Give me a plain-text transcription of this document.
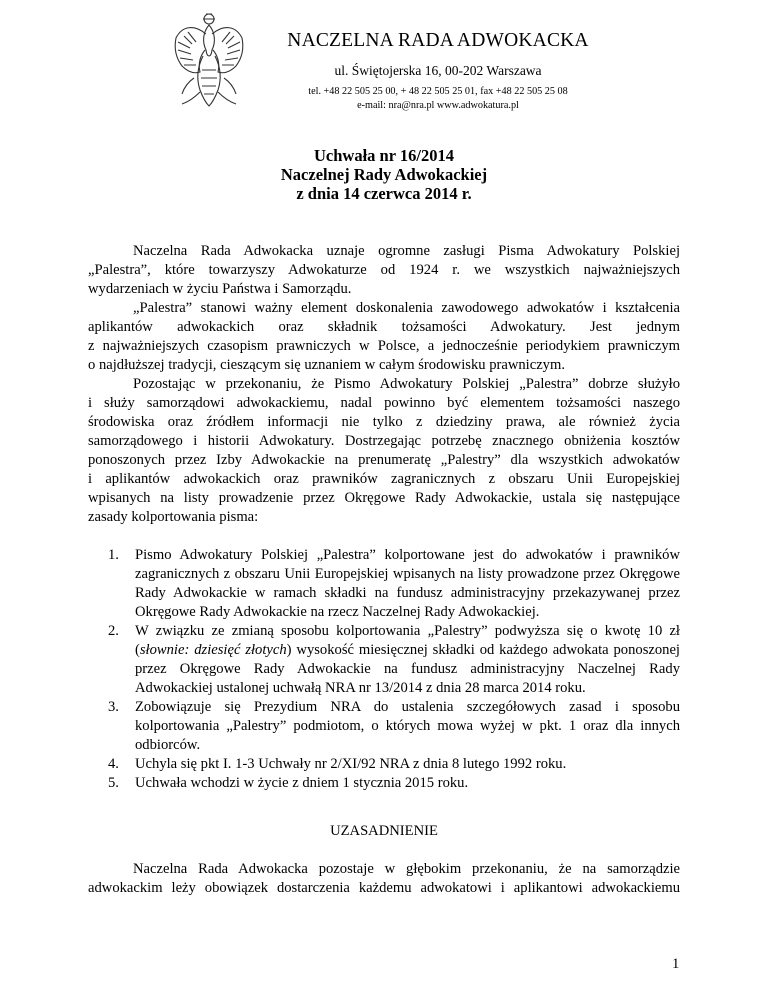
NACZELNA RADA ADWOKACKA
ul. Świętojerska 16, 00-202 Warszawa
tel. +48 22 505 25 00, + 48 22 505 25 01, fax +48 22 505 25 08
e-mail: nra@nra.pl www.adwokatura.pl
Uchwała nr 16/2014
Naczelnej Rady Adwokackiej
z dnia 14 czerwca 2014 r.
Naczelna Rada Adwokacka uznaje ogromne zasługi Pisma Adwokatury Polskiej
„Palestra”, które towarzyszy Adwokaturze od 1924 r. we wszystkich najważniejszych
wydarzeniach w życiu Państwa i Samorządu.
„Palestra” stanowi ważny element doskonalenia zawodowego adwokatów i kształcenia
aplikantów adwokackich oraz składnik tożsamości Adwokatury. Jest jednym
z najważniejszych czasopism prawniczych w Polsce, a jednocześnie periodykiem prawniczym
o najdłuższej tradycji, cieszącym się uznaniem w całym środowisku prawniczym.
Pozostając w przekonaniu, że Pismo Adwokatury Polskiej „Palestra” dobrze służyło
i służy samorządowi adwokackiemu, nadal powinno być elementem tożsamości naszego
środowiska oraz źródłem informacji nie tylko z dziedziny prawa, ale również życia
samorządowego i historii Adwokatury. Dostrzegając potrzebę znacznego obniżenia kosztów
ponoszonych przez Izby Adwokackie na prenumeratę „Palestry” dla wszystkich adwokatów
i aplikantów adwokackich oraz prawników zagranicznych z obszaru Unii Europejskiej
wpisanych na listy prowadzenie przez Okręgowe Rady Adwokackie, ustala się następujące
zasady kolportowania pisma:
1. Pismo Adwokatury Polskiej „Palestra” kolportowane jest do adwokatów i prawników zagranicznych z obszaru Unii Europejskiej wpisanych na listy prowadzone przez Okręgowe Rady Adwokackie w ramach składki na fundusz administracyjny przekazywanej przez Okręgowe Rady Adwokackie na rzecz Naczelnej Rady Adwokackiej.
2. W związku ze zmianą sposobu kolportowania „Palestry” podwyższa się o kwotę 10 zł (słownie: dziesięć złotych) wysokość miesięcznej składki od każdego adwokata ponoszonej przez Okręgowe Rady Adwokackie na fundusz administracyjny Naczelnej Rady Adwokackiej ustalonej uchwałą NRA nr 13/2014 z dnia 28 marca 2014 roku.
3. Zobowiązuje się Prezydium NRA do ustalenia szczegółowych zasad i sposobu kolportowania „Palestry” podmiotom, o których mowa wyżej w pkt. 1 oraz dla innych odbiorców.
4. Uchyla się pkt I. 1-3 Uchwały nr 2/XI/92 NRA z dnia 8 lutego 1992 roku.
5. Uchwała wchodzi w życie z dniem 1 stycznia 2015 roku.
UZASADNIENIE
Naczelna Rada Adwokacka pozostaje w głębokim przekonaniu, że na samorządzie
adwokackim leży obowiązek dostarczenia każdemu adwokatowi i aplikantowi adwokackiemu
1
